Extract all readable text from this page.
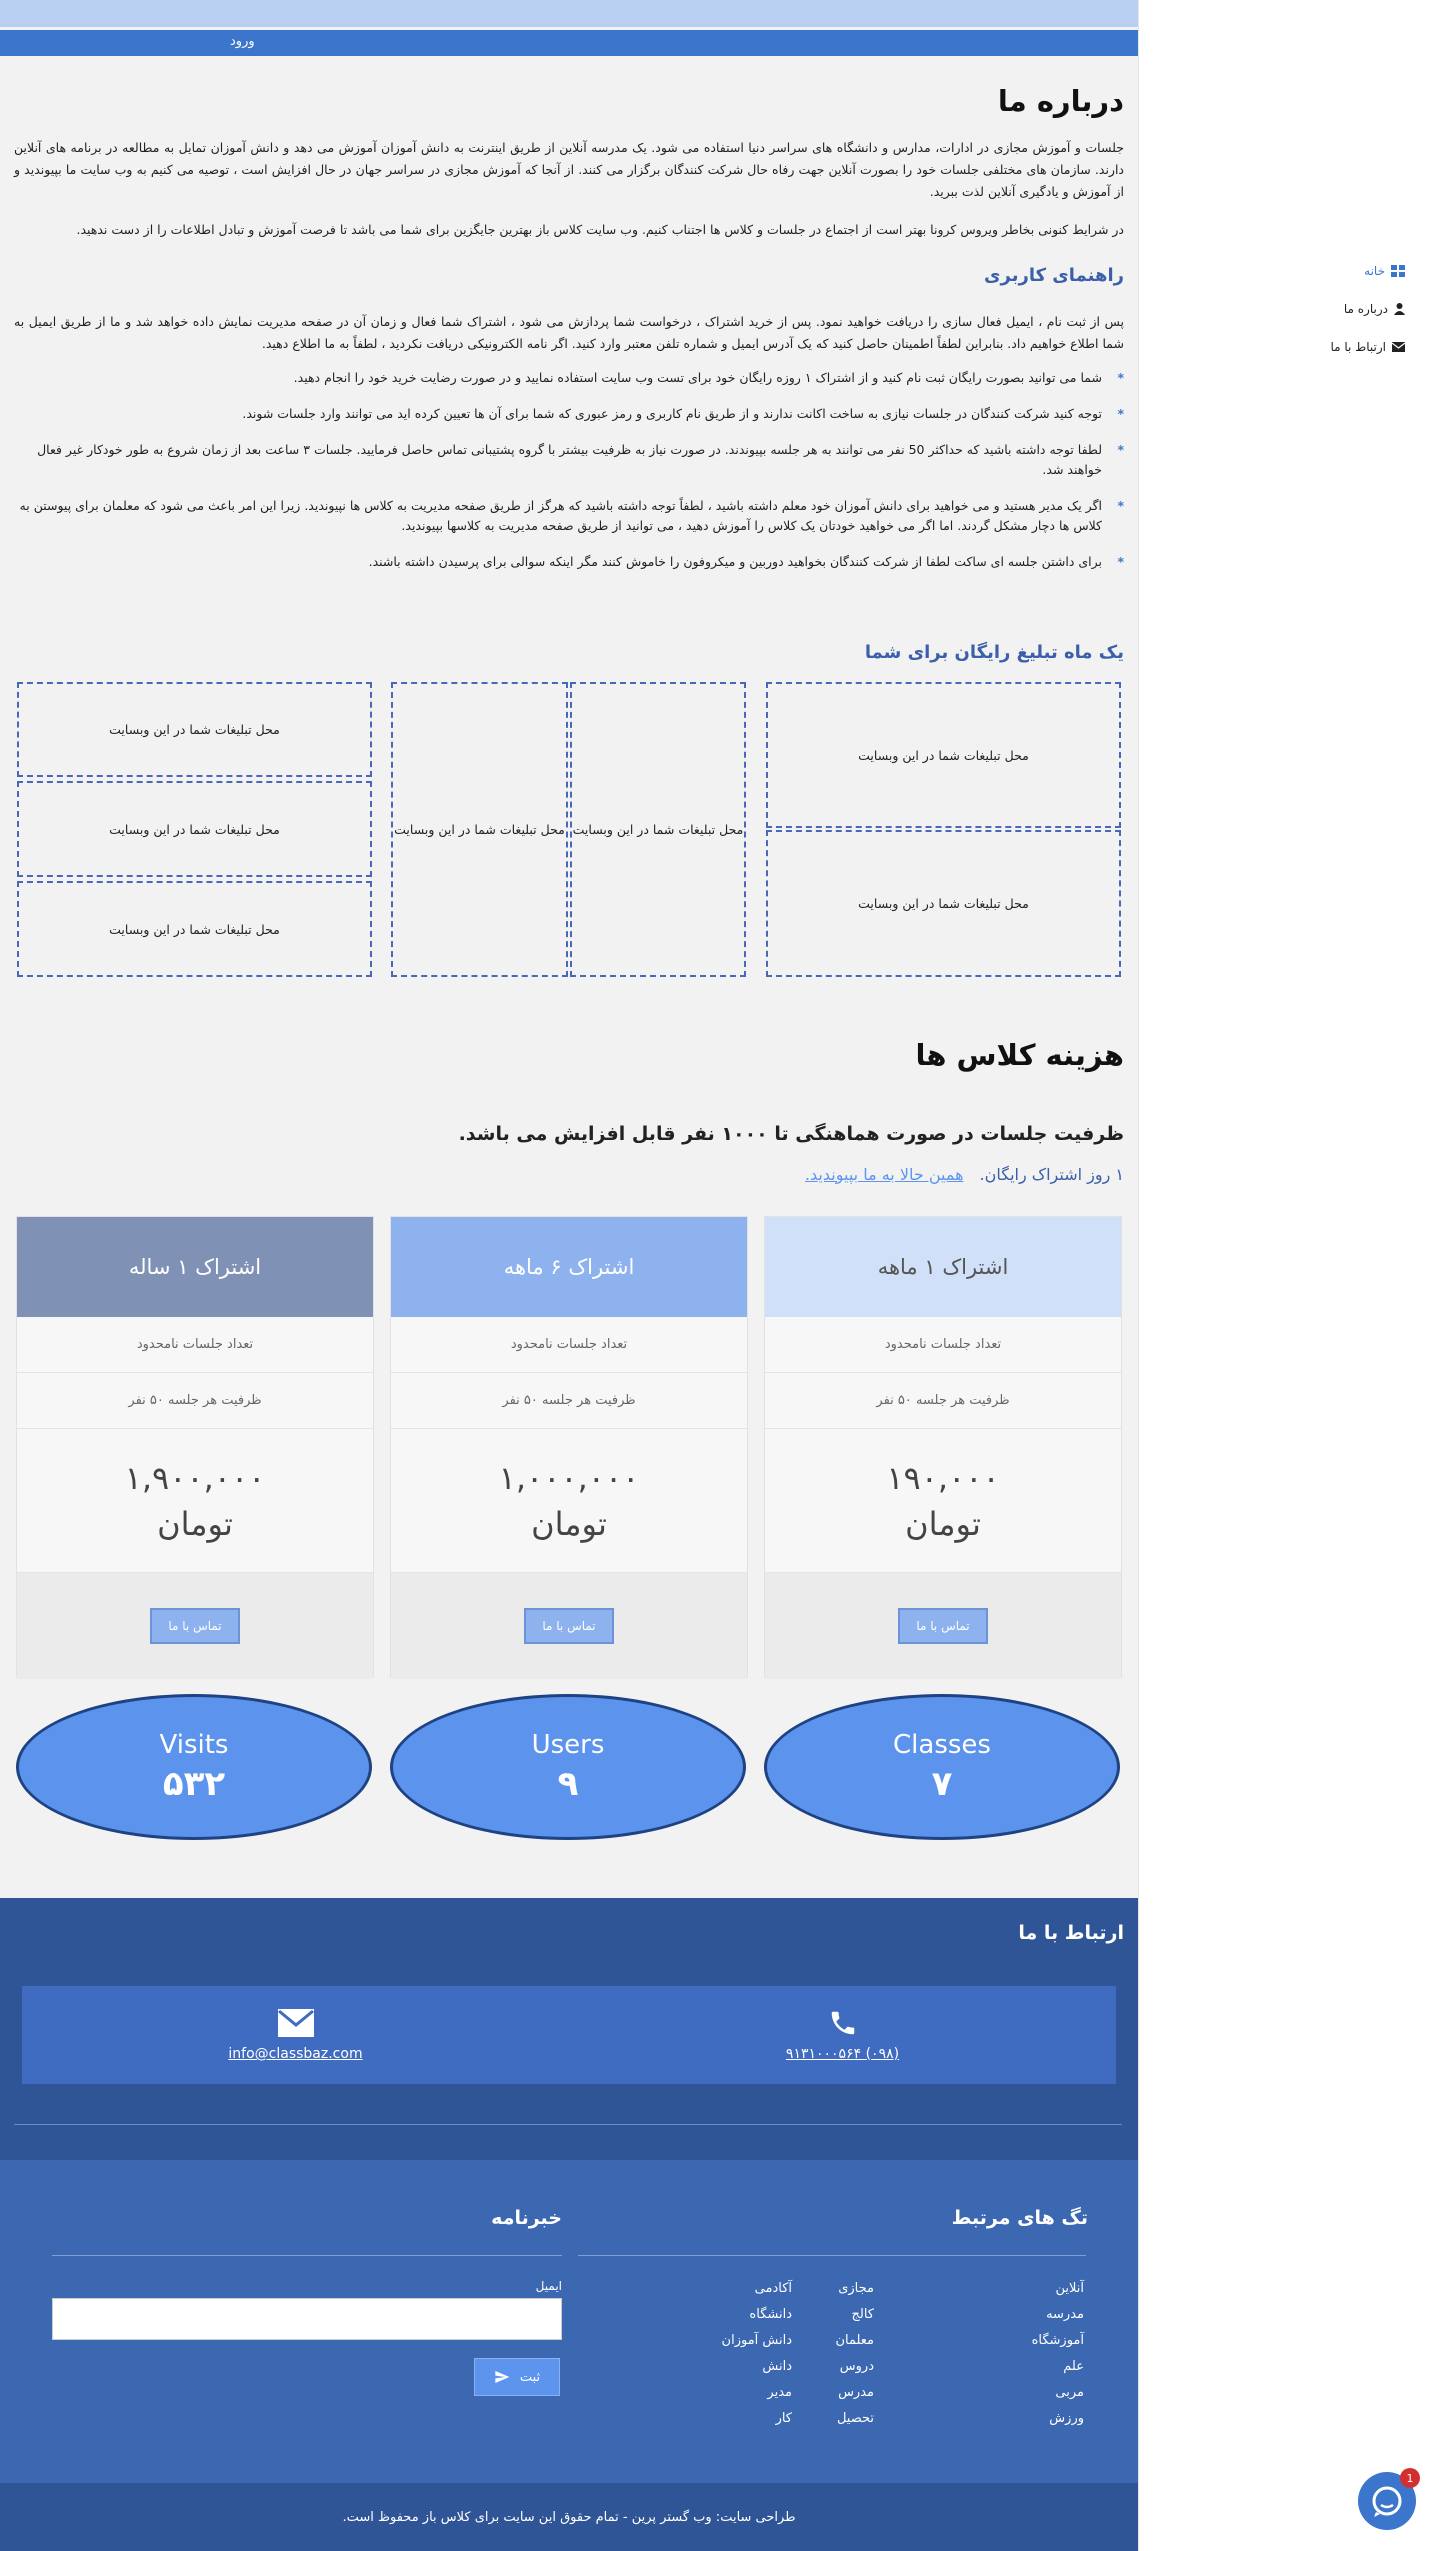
ورود
درباره ما

جلسات و آموزش مجازی در ادارات، مدارس و دانشگاه های سراسر دنیا استفاده می شود. یک مدرسه آنلاین از طریق اینترنت به دانش آموزان آموزش می دهد و دانش آموزان تمایل به مطالعه در برنامه های آنلاین دارند. سازمان های مختلفی جلسات خود را بصورت آنلاین جهت رفاه حال شرکت کنندگان برگزار می کنند. از آنجا که آموزش مجازی در سراسر جهان در حال افزایش است ، توصیه می کنیم به وب سایت ما بپیوندید و از آموزش و یادگیری آنلاین لذت ببرید.

در شرایط کنونی بخاطر ویروس کرونا بهتر است از اجتماع در جلسات و کلاس ها اجتناب کنیم. وب سایت کلاس باز بهترین جایگزین برای شما می باشد تا فرصت آموزش و تبادل اطلاعات را از دست ندهید.

راهنمای کاربری

پس از ثبت نام ، ایمیل فعال سازی را دریافت خواهید نمود. پس از خرید اشتراک ، درخواست شما پردازش می شود ، اشتراک شما فعال و زمان آن در صفحه مدیریت نمایش داده خواهد شد و ما از طریق ایمیل به شما اطلاع خواهیم داد. بنابراین لطفاً اطمینان حاصل کنید که یک آدرس ایمیل و شماره تلفن معتبر وارد کنید. اگر نامه الکترونیکی دریافت نکردید ، لطفاً به ما اطلاع دهید.

* شما می توانید بصورت رایگان ثبت نام کنید و از اشتراک ۱ روزه رایگان خود برای تست وب سایت استفاده نمایید و در صورت رضایت خرید خود را انجام دهید.
* توجه کنید شرکت کنندگان در جلسات نیازی به ساخت اکانت ندارند و از طریق نام کاربری و رمز عبوری که شما برای آن ها تعیین کرده اید می توانند وارد جلسات شوند.
* لطفا توجه داشته باشید که حداکثر 50 نفر می توانند به هر جلسه بپیوندند. در صورت نیاز به ظرفیت بیشتر با گروه پشتیبانی تماس حاصل فرمایید. جلسات ۳ ساعت بعد از زمان شروع به طور خودکار غیر فعال خواهند شد.
* اگر یک مدیر هستید و می خواهید برای دانش آموزان خود معلم داشته باشید ، لطفاً توجه داشته باشید که هرگز از طریق صفحه مدیریت به کلاس ها نپیوندید. زیرا این امر باعث می شود که معلمان برای پیوستن به کلاس ها دچار مشکل گردند. اما اگر می خواهید خودتان یک کلاس را آموزش دهید ، می توانید از طریق صفحه مدیریت به کلاسها بپیوندید.
* برای داشتن جلسه ای ساکت لطفا از شرکت کنندگان بخواهید دوربین و میکروفون را خاموش کنند مگر اینکه سوالی برای پرسیدن داشته باشند.
یک ماه تبلیغ رایگان برای شما
محل تبلیغات شما در این وبسایت
محل تبلیغات شما در این وبسایت
محل تبلیغات شما در این وبسایت
محل تبلیغات شما در این وبسایت
محل تبلیغات شما در این وبسایت
محل تبلیغات شما در این وبسایت
محل تبلیغات شما در این وبسایت
هزینه کلاس ها
ظرفیت جلسات در صورت هماهنگی تا ۱۰۰۰ نفر قابل افزایش می باشد.
۱ روز اشتراک رایگان.
همین حالا به ما بپیوندید.
اشتراک ۱ ماهه
تعداد جلسات نامحدود
ظرفیت هر جلسه ۵۰ نفر
۱۹۰,۰۰۰
تومان
تماس با ما
اشتراک ۶ ماهه
تعداد جلسات نامحدود
ظرفیت هر جلسه ۵۰ نفر
۱,۰۰۰,۰۰۰
تومان
تماس با ما
اشتراک ۱ ساله
تعداد جلسات نامحدود
ظرفیت هر جلسه ۵۰ نفر
۱,۹۰۰,۰۰۰
تومان
تماس با ما
Classes
۷
Users
۹
Visits
۵۳۲
ارتباط با ما
(۰۹۸) ۹۱۳۱۰۰۰۵۶۴
info@classbaz.com
تگ های مرتبط
خبرنامه
آنلاین
مجازی
آکادمی
مدرسه
کالج
دانشگاه
آموزشگاه
معلمان
دانش آموزان
علم
دروس
دانش
مربی
مدرس
مدیر
ورزش
تحصیل
کار
ایمیل
ثبت
طراحی سایت: وب گستر پرین - تمام حقوق این سایت برای کلاس باز محفوظ است.
خانه
درباره ما
ارتباط با ما
1
